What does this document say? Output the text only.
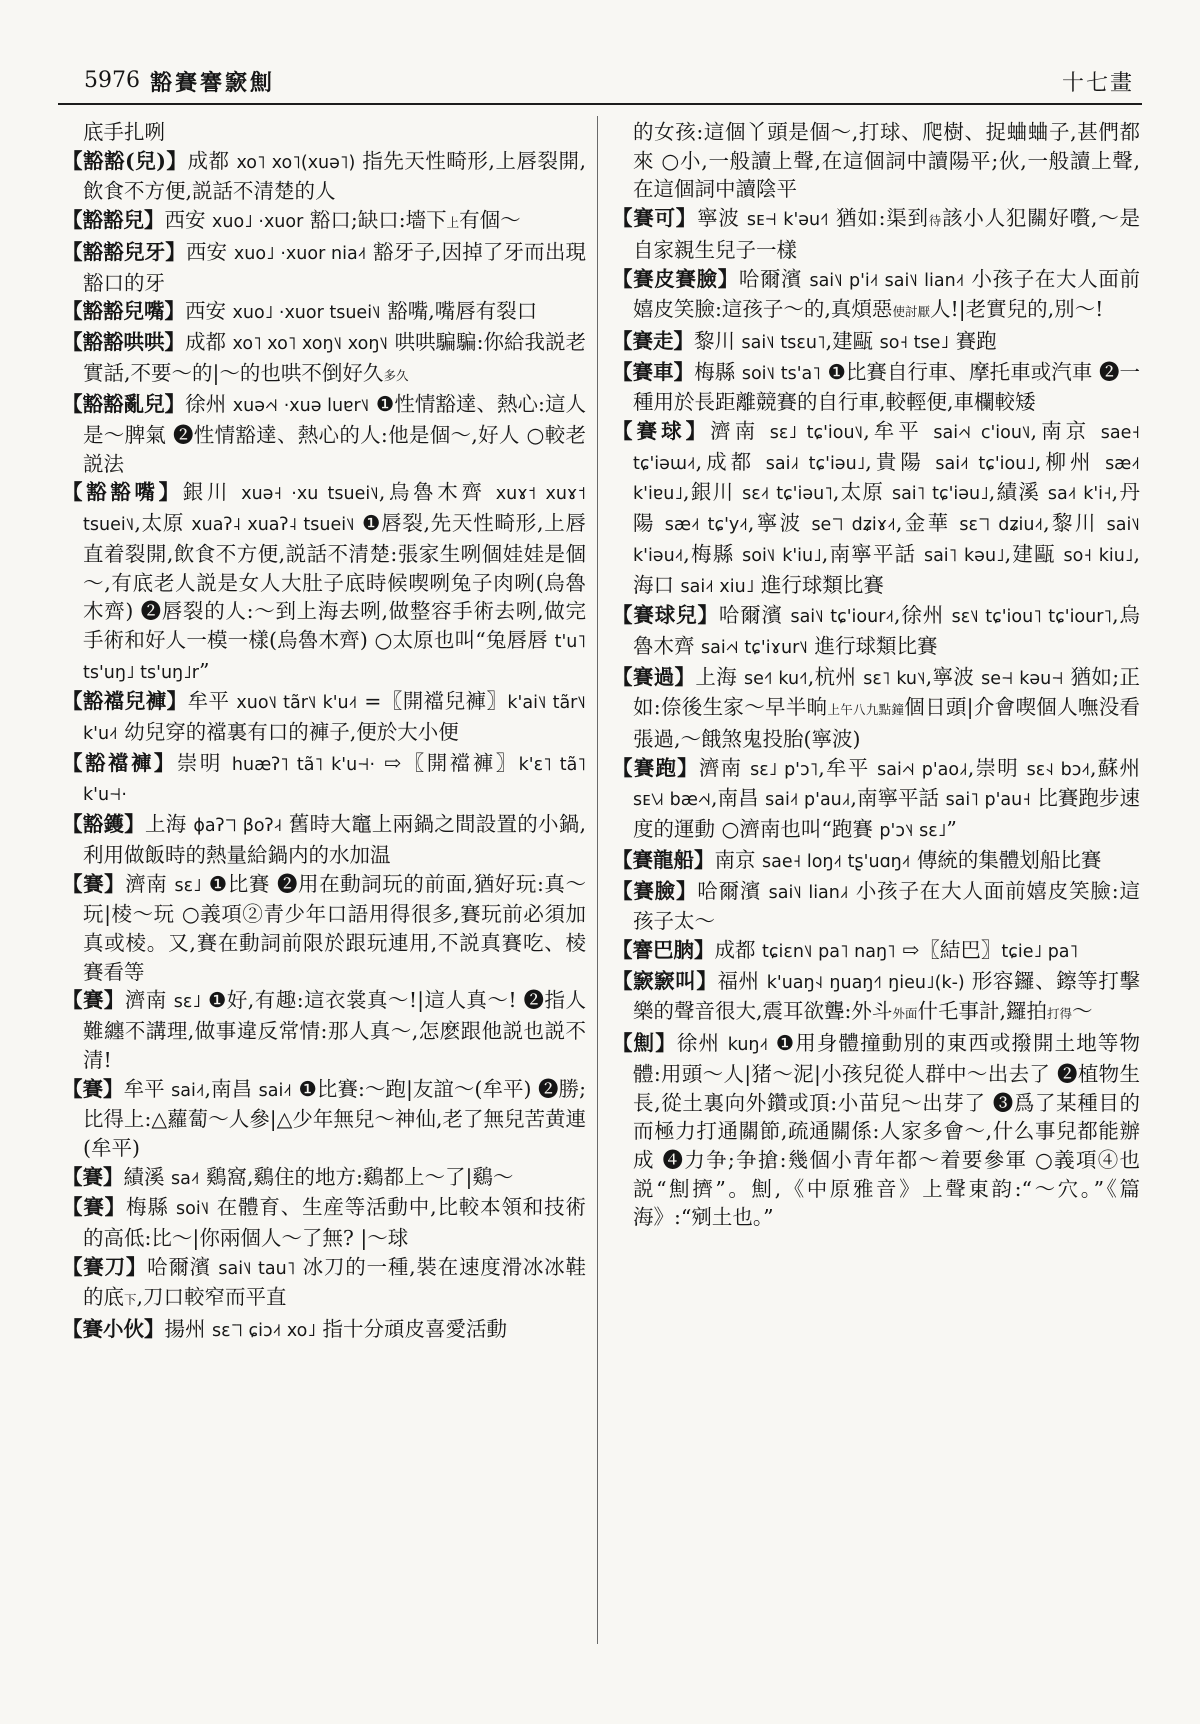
5976 豁賽謇窾劁	十七畫

底手扎咧

【豁豁(兒)】成都 xo˥ xo˥(xuə˥) 指先天性畸形,上唇裂開,飲食不方便,説話不清楚的人

【豁豁兒】西安 xuo˩ ·xuor 豁口;缺口:墻下上有個～

【豁豁兒牙】西安 xuo˩ ·xuor nia˨˦ 豁牙子,因掉了牙而出現豁口的牙

【豁豁兒嘴】西安 xuo˩ ·xuor tsuei˥˩ 豁嘴,嘴唇有裂口

【豁豁哄哄】成都 xo˥ xo˥ xoŋ˥˩ xoŋ˥˩ 哄哄騙騙:你給我説老實話,不要～的|～的也哄不倒好久多久

【豁豁亂兒】徐州 xuə˨˦˨ ·xuə luɐr˥˩ ❶性情豁達、熱心:這人是～脾氣 ❷性情豁達、熱心的人:他是個～,好人 ○較老説法

【豁豁嘴】銀川 xuə˧ ·xu tsuei˥˩,烏魯木齊 xuɤ˦ xuɤ˦ tsuei˥˩,太原 xuaʔ˨ xuaʔ˨ tsuei˥˩ ❶唇裂,先天性畸形,上唇直着裂開,飲食不方便,説話不清楚:張家生咧個娃娃是個～,有底老人説是女人大肚子底時候喫咧兔子肉咧(烏魯木齊) ❷唇裂的人:～到上海去咧,做整容手術去咧,做完手術和好人一模一樣(烏魯木齊) ○太原也叫“兔唇唇 t'u˥ ts'uŋ˩ ts'uŋ˩r”

【豁襠兒褲】牟平 xuo˥˩ tãr˥˩ k'u˨˦ =〖開襠兒褲〗k'ai˥˩ tãr˥˩ k'u˨˦ 幼兒穿的襠裏有口的褲子,便於大小便

【豁襠褲】崇明 huæʔ˥ tã˥ k'u˧˧· ⇨〖開襠褲〗k'ɛ˥ tã˥ k'u˧˧·

【豁鑊】上海 ɸaʔ˥˥ βoʔ˨˧ 舊時大竈上兩鍋之間設置的小鍋,利用做飯時的熱量給鍋内的水加温

【賽】濟南 sɛ˩ ❶比賽 ❷用在動詞玩的前面,猶好玩:真～玩|棱～玩 ○義項②青少年口語用得很多,賽玩前必須加真或棱。又,賽在動詞前限於跟玩連用,不説真賽吃、棱賽看等

【賽】濟南 sɛ˩ ❶好,有趣:這衣裳真～!|這人真～! ❷指人難纏不講理,做事違反常情:那人真～,怎麽跟他説也説不清!

【賽】牟平 sai˨˦,南昌 sai˨˦ ❶比賽:～跑|友誼～(牟平) ❷勝;比得上:△蘿蔔～人參|△少年無兒～神仙,老了無兒苦黄連(牟平)

【賽】績溪 sa˨˦ 鷄窩,鷄住的地方:鷄都上～了|鷄～

【賽】梅縣 soi˥˩ 在體育、生産等活動中,比較本領和技術的高低:比～|你兩個人～了無? |～球

【賽刀】哈爾濱 sai˥˩ tau˥ 冰刀的一種,裝在速度滑冰冰鞋的底下,刀口較窄而平直

【賽小伙】揚州 sɛ˥˥ ɕiɔ˨˦ xo˩ 指十分頑皮喜愛活動

的女孩:這個丫頭是個～,打球、爬樹、捉蛐蛐子,甚們都來 ○小,一般讀上聲,在這個詞中讀陽平;伙,一般讀上聲,在這個詞中讀陰平

【賽可】寧波 sᴇ˧˧ k'əu˧˥ 猶如:渠到待該小人犯關好嚽,～是自家親生兒子一樣

【賽皮賽臉】哈爾濱 sai˥˩ p'i˨˦ sai˥˩ lian˨˦ 小孩子在大人面前嬉皮笑臉:這孩子～的,真煩惡使討厭人!|老實兒的,別～!

【賽走】黎川 sai˥˩ tsɛu˥,建甌 so˧ tse˩ 賽跑

【賽車】梅縣 soi˥˩ ts'a˥ ❶比賽自行車、摩托車或汽車 ❷一種用於長距離競賽的自行車,較輕便,車欄較矮

【賽球】濟南 sɛ˩ tɕ'iou˥˩,牟平 sai˨˦˨ c'iou˥˩,南京 sae˧ tɕ'iəɯ˨˦,成都 sai˩˧ tɕ'iəu˩,貴陽 sai˨˦ tɕ'iou˩,柳州 sæ˨˦ k'iɐu˩,銀川 sɛ˨˦ tɕ'iəu˥,太原 sai˥ tɕ'iəu˩,績溪 sa˨˦ k'i˧,丹陽 sæ˨˦ tɕ'y˨˦,寧波 se˥˥ dʑiɤ˨˦,金華 sɛ˥˥ dʑiu˨˦,黎川 sai˥˩ k'iəu˨˦,梅縣 soi˥˩ k'iu˩,南寧平話 sai˥ kəu˩,建甌 so˧ kiu˩,海口 sai˨˦ xiu˩ 進行球類比賽

【賽球兒】哈爾濱 sai˥˩ tɕ'iour˨˦,徐州 sɛ˥˩ tɕ'iou˥ tɕ'iour˥,烏魯木齊 sai˨˦˨ tɕ'iɤur˥˩ 進行球類比賽

【賽過】上海 se˧˥ ku˧˥,杭州 sɛ˥ ku˥˨,寧波 se˧˧ kəu˧˧ 猶如;正如:倷後生家～早半晌上午八九點鐘個日頭|介會喫個人嘸没看張過,～餓煞鬼投胎(寧波)

【賽跑】濟南 sɛ˩ p'ɔ˥,牟平 sai˨˦˨ p'ao˩˧,崇明 sɛ˧˨ bɔ˨˦,蘇州 sᴇ˥˩˧ bæ˨˦˨,南昌 sai˨˦ p'au˩˧,南寧平話 sai˥ p'au˧ 比賽跑步速度的運動 ○濟南也叫“跑賽 p'ɔ˥˨ sɛ˩”

【賽龍船】南京 sae˧ loŋ˨˦ tʂ'uɑŋ˨˦ 傳統的集體划船比賽

【賽臉】哈爾濱 sai˥˩ lian˩˧ 小孩子在大人面前嬉皮笑臉:這孩子太～

【謇巴朒】成都 tɕiɛn˥˩ pa˥ naŋ˥ ⇨〖結巴〗tɕie˩ pa˥

【窾窾叫】福州 k'uaŋ˧˨ ŋuaŋ˧˥ ŋieu˩(k-) 形容鑼、鑔等打擊樂的聲音很大,震耳欲聾:外斗外面什乇事計,鑼拍打得～

【劁】徐州 kuŋ˨˦ ❶用身體撞動別的東西或撥開土地等物體:用頭～人|猪～泥|小孩兒從人群中～出去了 ❷植物生長,從土裏向外鑽或頂:小苗兒～出芽了 ❸爲了某種目的而極力打通關節,疏通關係:人家多會～,什么事兒都能辦成 ❹力争;争搶:幾個小青年都～着要參軍 ○義項④也説“劁擠”。劁,《中原雅音》上聲東韵:“～穴。”《篇海》:“剜土也。”
